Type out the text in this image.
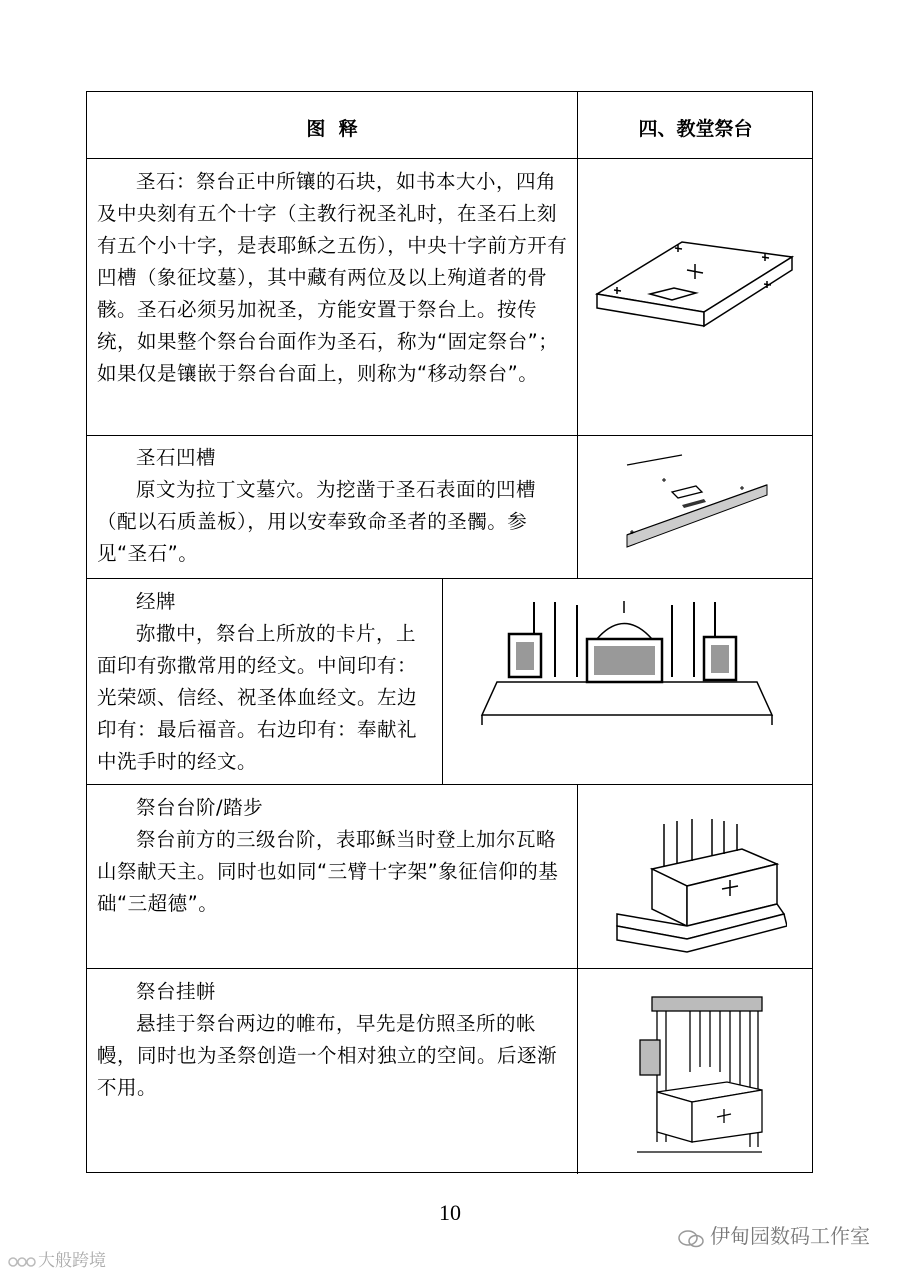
图  释	四、教堂祭台
圣石：祭台正中所镶的石块，如书本大小，四角及中央刻有五个十字（主教行祝圣礼时，在圣石上刻有五个小十字，是表耶稣之五伤），中央十字前方开有凹槽（象征坟墓），其中藏有两位及以上殉道者的骨骸。圣石必须另加祝圣，方能安置于祭台上。按传统，如果整个祭台台面作为圣石，称为“固定祭台”；如果仅是镶嵌于祭台台面上，则称为“移动祭台”。
圣石凹槽
原文为拉丁文墓穴。为挖凿于圣石表面的凹槽（配以石质盖板），用以安奉致命圣者的圣髑。参见“圣石”。
经牌
弥撒中，祭台上所放的卡片，上面印有弥撒常用的经文。中间印有：光荣颂、信经、祝圣体血经文。左边印有：最后福音。右边印有：奉献礼中洗手时的经文。
祭台台阶/踏步
祭台前方的三级台阶，表耶稣当时登上加尔瓦略山祭献天主。同时也如同“三臂十字架”象征信仰的基础“三超德”。
祭台挂帡
悬挂于祭台两边的帷布，早先是仿照圣所的帐幔，同时也为圣祭创造一个相对独立的空间。后逐渐不用。
10
伊甸园数码工作室
大般跨境
